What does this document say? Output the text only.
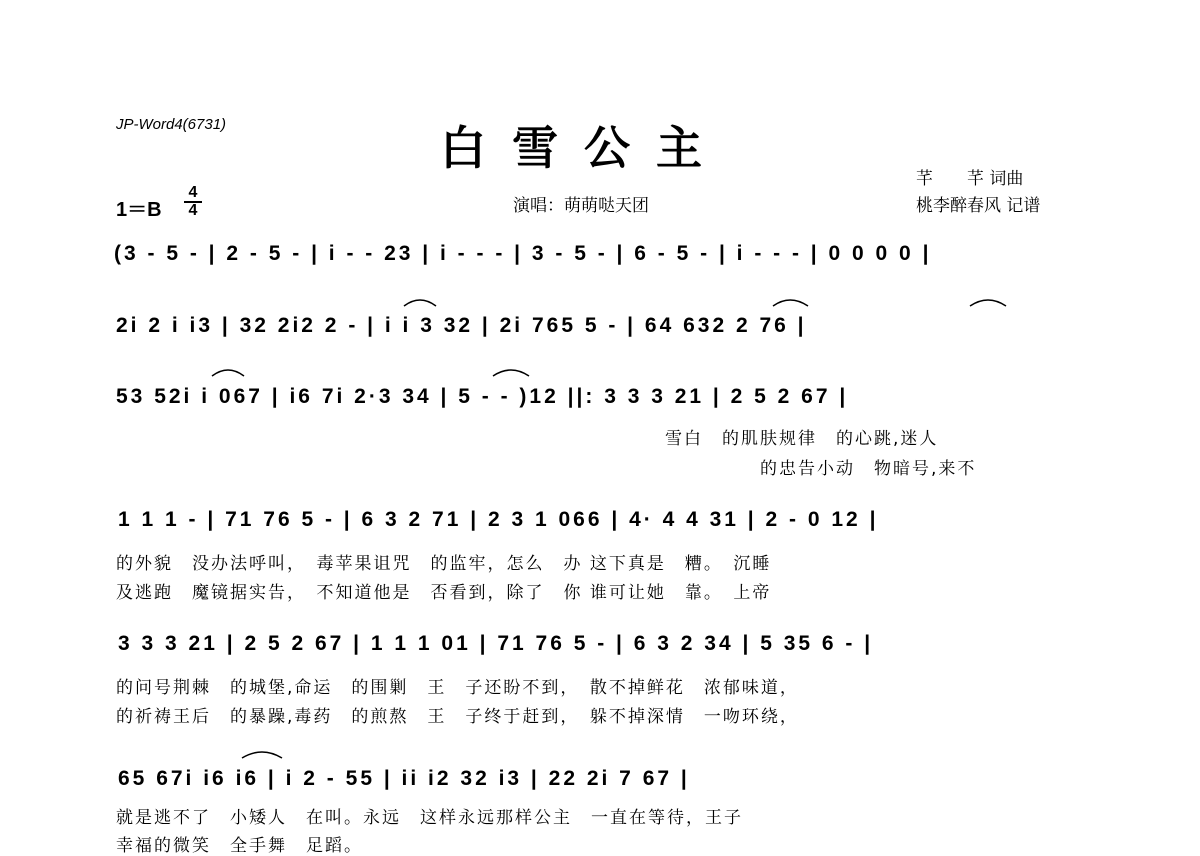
JP-Word4(6731)	白雪公主
芊　　芊 词曲
桃李醉春风 记谱
演唱：萌萌哒天团
1＝B
4
4
(3 - 5 - | 2 - 5 - | i - - 23 | i - - - | 3 - 5 - | 6 - 5 - | i - - - | 0 0 0 0 |
2i 2 i i3 | 32 2i2 2 - | i i 3 32 | 2i 765 5 - | 64 632 2 76 |
53 52i i 067 | i6 7i 2·3 34 | 5 - - )12 ||: 3 3 3 21 | 2 5 2 67 |
雪白　的肌肤规律　的心跳,迷人
的忠告小动　物暗号,来不
1 1 1 - | 71 76 5 - | 6 3 2 71 | 2 3 1 066 | 4· 4 4 31 | 2 - 0 12 |
的外貌　没办法呼叫，　毒苹果诅咒　的监牢，怎么　办 这下真是　糟。　沉睡
及逃跑　魔镜据实告，　不知道他是　否看到，除了　你 谁可让她　靠。　上帝
3 3 3 21 | 2 5 2 67 | 1 1 1 01 | 71 76 5 - | 6 3 2 34 | 5 35 6 - |
的问号荆棘　的城堡,命运　的围剿　王　子还盼不到，　散不掉鲜花　浓郁味道，
的祈祷王后　的暴躁,毒药　的煎熬　王　子终于赶到，　躲不掉深情　一吻环绕，
65 67i i6 i6 | i 2 - 55 | ii i2 32 i3 | 22 2i 7 67 |
就是逃不了　小矮人　在叫。永远　这样永远那样公主　一直在等待，王子
幸福的微笑　全手舞　足蹈。
